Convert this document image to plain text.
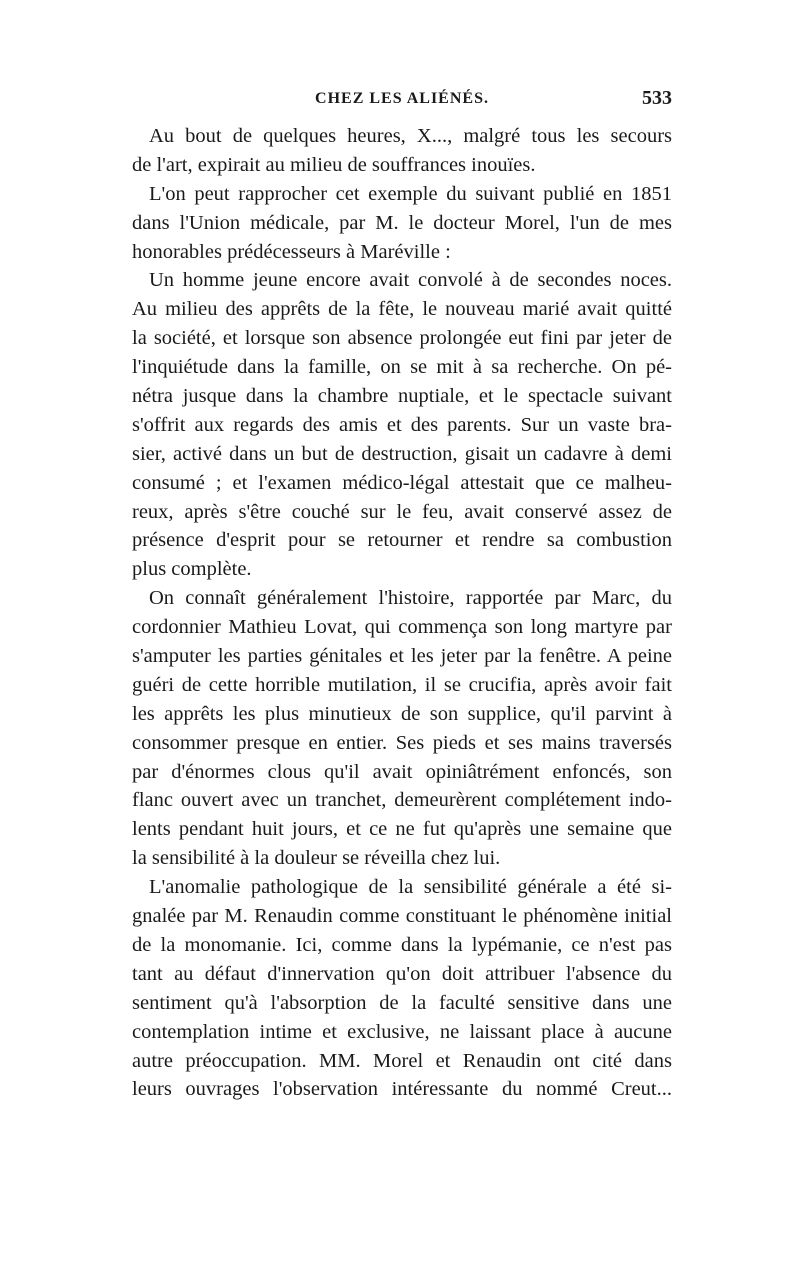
CHEZ LES ALIÉNÉS.	533
Au bout de quelques heures, X..., malgré tous les secours
de l'art, expirait au milieu de souffrances inouïes.
L'on peut rapprocher cet exemple du suivant publié en 1851
dans l'Union médicale, par M. le docteur Morel, l'un de mes
honorables prédécesseurs à Maréville :
Un homme jeune encore avait convolé à de secondes noces.
Au milieu des apprêts de la fête, le nouveau marié avait quitté
la société, et lorsque son absence prolongée eut fini par jeter de
l'inquiétude dans la famille, on se mit à sa recherche. On pé-
nétra jusque dans la chambre nuptiale, et le spectacle suivant
s'offrit aux regards des amis et des parents. Sur un vaste bra-
sier, activé dans un but de destruction, gisait un cadavre à demi
consumé ; et l'examen médico-légal attestait que ce malheu-
reux, après s'être couché sur le feu, avait conservé assez de
présence d'esprit pour se retourner et rendre sa combustion
plus complète.
On connaît généralement l'histoire, rapportée par Marc, du
cordonnier Mathieu Lovat, qui commença son long martyre par
s'amputer les parties génitales et les jeter par la fenêtre. A peine
guéri de cette horrible mutilation, il se crucifia, après avoir fait
les apprêts les plus minutieux de son supplice, qu'il parvint à
consommer presque en entier. Ses pieds et ses mains traversés
par d'énormes clous qu'il avait opiniâtrément enfoncés, son
flanc ouvert avec un tranchet, demeurèrent complétement indo-
lents pendant huit jours, et ce ne fut qu'après une semaine que
la sensibilité à la douleur se réveilla chez lui.
L'anomalie pathologique de la sensibilité générale a été si-
gnalée par M. Renaudin comme constituant le phénomène initial
de la monomanie. Ici, comme dans la lypémanie, ce n'est pas
tant au défaut d'innervation qu'on doit attribuer l'absence du
sentiment qu'à l'absorption de la faculté sensitive dans une
contemplation intime et exclusive, ne laissant place à aucune
autre préoccupation. MM. Morel et Renaudin ont cité dans
leurs ouvrages l'observation intéressante du nommé Creut...
